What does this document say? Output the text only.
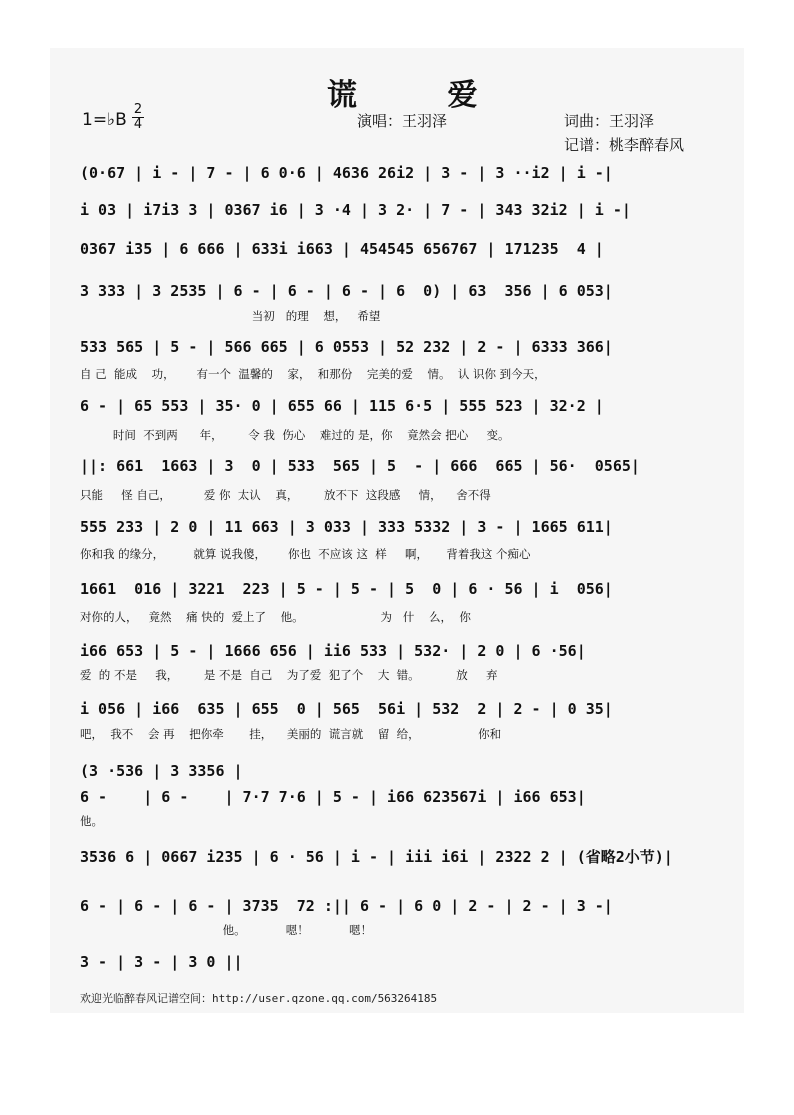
谎 爱
1=♭B
2
4	演唱：王羽泽	词曲：王羽泽
记谱：桃李醉春风
(0·67 | i - | 7 - | 6 0·6 | 4636 26i2 | 3 - | 3 ··i2 | i -|
i 03 | i7i3 3 | 0367 i6 | 3 ·4 | 3 2· | 7 - | 343 32i2 | i -|
0367 i35 | 6 666 | 633i i663 | 454545 656767 | 171235  4 |
3 333 | 3 2535 | 6 - | 6 - | 6 - | 6  0) | 63  356 | 6 053|
当初   的理    想，   希望
533 565 | 5 - | 566 665 | 6 0553 | 52 232 | 2 - | 6333 366|
自 己  能成    功，      有一个  温馨的    家，  和那份    完美的爱    情。  认 识你 到今天，
6 - | 65 553 | 35· 0 | 655 66 | 115 6·5 | 555 523 | 32·2 |
时间  不到两      年，       令 我  伤心    难过的 是，你    竟然会 把心     变。
||: 661  1663 | 3  0 | 533  565 | 5  - | 666  665 | 56·  0565|
只能     怪 自己，         爱 你  太认    真，       放不下  这段感     情，    舍不得
555 233 | 2 0 | 11 663 | 3 033 | 333 5332 | 3 - | 1665 611|
你和我 的缘分，        就算 说我傻，      你也  不应该 这  样     啊，     背着我这 个痴心
1661  016 | 3221  223 | 5 - | 5 - | 5  0 | 6 · 56 | i  056|
对你的人，   竟然    痛 快的  爱上了    他。                     为   什    么，  你
i66 653 | 5 - | 1666 656 | ii6 533 | 532· | 2 0 | 6 ·56|
爱  的 不是     我，       是 不是  自己    为了爱  犯了个    大  错。          放     弃
i 056 | i66  635 | 655  0 | 565  56i | 532  2 | 2 - | 0 35|
吧，  我不    会 再    把你牵       挂，    美丽的  谎言就    留  给，                你和
(3 ·536 | 3 3356 |
6 -    | 6 -    | 7·7 7·6 | 5 - | i66 623567i | i66 653|
他。
3536 6 | 0667 i235 | 6 · 56 | i - | iii i6i | 2322 2 | (省略2小节)|
6 - | 6 - | 6 - | 3735  72 :|| 6 - | 6 0 | 2 - | 2 - | 3 -|
他。           嗯！           嗯！
3 - | 3 - | 3 0 ||
欢迎光临醉春风记谱空间：http://user.qzone.qq.com/563264185
